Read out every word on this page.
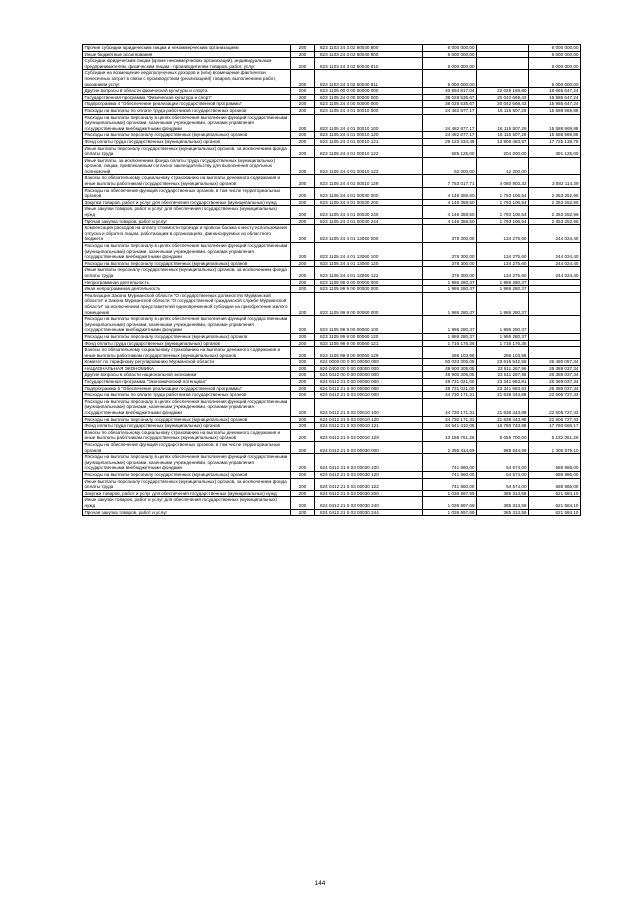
Прочие субсидии юридическим лицам и некоммерческим организациям	200	823 1103 24 3 02 60040 800	6 000 000,00		6 000 000,00
Иные бюджетные ассигнования	200	823 1103 24 3 02 60040 800	6 000 000,00		6 000 000,00
Субсидии юридическим лицам (кроме некоммерческих организаций), индивидуальным предпринимателям, физическим лицам - производителям товаров, работ, услуг	200	823 1103 24 3 02 60040 810	6 000 000,00		6 000 000,00
Субсидии на возмещение недополученных доходов и (или) возмещение фактически понесенных затрат в связи с производством (реализацией) товаров, выполнением работ, оказанием услуг	200	823 1103 24 3 02 60040 811	6 000 000,00		6 000 000,00
Другие вопросы в области физической культуры и спорта	200	823 1105 00 0 00 00000 000	40 694 817,04	22 029 169,80	18 665 647,24
Государственная программа "Физическая культура и спорт"	200	823 1105 24 0 00 00000 000	38 028 535,67	20 042 669,43	15 985 647,24
Подпрограмма 4 "Обеспечение реализации государственной программы"	200	823 1105 24 4 00 00000 000	38 028 535,67	20 042 669,43	15 985 647,24
Расходы на выплаты по оплате труда работников государственных органов	200	823 1105 24 4 01 00010 000	24 482 877,17	16 115 507,29	15 588 969,88
Расходы на выплаты персоналу в целях обеспечения выполнения функций государственными (муниципальными) органами, казенными учреждениями, органами управления государственными внебюджетными фондами	200	823 1105 24 4 01 00010 100	24 482 877,17	16 115 507,29	15 588 969,88
Расходы на выплаты персоналу государственных (муниципальных) органов	200	823 1105 24 4 01 00010 120	24 482 877,17	16 115 507,29	15 588 969,88
Фонд оплаты труда государственных (муниципальных) органов	200	823 1105 24 4 01 00010 121	29 123 334,48	13 806 483,97	17 725 138,79
Иные выплаты персоналу государственных (муниципальных) органов, за исключением фонда оплаты труда	200	823 1105 24 4 01 00010 122	585 125,00	204 000,00	381 125,00
Иные выплаты, за исключением фонда оплаты труда государственных (муниципальных) органов, лицам, привлекаемым согласно законодательству для выполнения отдельных полномочий	200	823 1105 24 4 01 00010 123	52 000,00	12 200,00	
Взносы по обязательному социальному страхованию на выплаты денежного содержания и иные выплаты работникам государственных (муниципальных) органов	200	823 1105 24 4 01 00010 129	7 753 017,71	4 080 903,32	3 582 114,39
Расходы на обеспечение функций государственных органов, в том числе территориальных органов	200	823 1105 24 4 01 00030 000	4 146 359,50	1 793 106,54	2 353 252,96
Закупка товаров, работ и услуг для обеспечения государственных (муниципальных) нужд	200	823 1105 24 4 01 00030 200	4 146 359,50	1 793 106,54	2 353 252,96
Иные закупки товаров, работ и услуг для обеспечения государственных (муниципальных) нужд	200	823 1105 24 4 01 00030 240	4 146 359,50	1 793 106,54	2 353 252,96
Прочая закупка товаров, работ и услуг	200	823 1105 24 4 01 00030 244	4 146 359,50	1 793 106,54	2 353 252,96
Компенсация расходов на оплату стоимости проезда и провоза багажа к месту использования отпуска и обратно лицам, работающим в организациях, финансируемых из областного бюджета	200	823 1105 24 4 01 13060 000	378 300,00	134 275,60	244 024,40
Расходы на выплаты персоналу в целях обеспечения выполнения функций государственными (муниципальными) органами, казенными учреждениями, органами управления государственными внебюджетными фондами	200	823 1105 24 4 01 13060 100	378 300,00	134 275,60	244 024,40
Расходы на выплаты персоналу государственных (муниципальных) органов	200	823 1105 24 4 01 13060 120	378 300,00	134 275,60	244 024,40
Иные выплаты персоналу государственных (муниципальных) органов, за исключением фонда оплаты труда	200	823 1105 24 4 01 13060 122	378 300,00	134 275,60	244 024,40
Непрограммная деятельность	200	823 1105 99 0 00 00000 000	1 986 280,37	1 986 280,37	
Иная непрограммная деятельность	200	823 1105 99 9 00 00000 000	1 986 280,37	1 986 280,37	
Реализация Закона Мурманской области "О государственных должностях Мурманской области" и Закона Мурманской области "О государственной гражданской службе Мурманской области" за исключением представителей единовременной субсидии на приобретение жилого помещения	200	823 1105 99 9 00 00060 000	1 986 280,37	1 986 280,37	
Расходы на выплаты персоналу в целях обеспечения выполнения функций государственными (муниципальными) органами, казенными учреждениями, органами управления государственными внебюджетными фондами	200	823 1105 99 9 00 00060 100	1 986 280,37	1 986 280,37	
Расходы на выплаты персоналу государственных (муниципальных) органов	200	823 1105 99 9 00 00060 120	1 986 280,37	1 986 280,37	
Фонд оплаты труда государственных (муниципальных) органов	200	823 1105 99 9 00 00060 121	1 716 176,36	1 716 176,36	
Взносы по обязательному социальному страхованию на выплаты денежного содержания и иные выплаты работникам государственных (муниципальных) органов	200	823 1105 99 9 00 00060 129	286 103,96	286 103,96	
Комитет по тарифному регулированию Мурманской области	200	824 0000 00 0 00 00000 000	50 033 305,05	23 615 542,56	26 480 057,34
НАЦИОНАЛЬНАЯ ЭКОНОМИКА	200	824 0400 00 0 00 00000 000	49 900 305,05	23 511 267,96	26 389 037,34
Другие вопросы в области национальной экономики	200	824 0412 00 0 00 00000 000	49 900 305,05	23 511 267,96	26 389 037,34
Государственная программа "Экономический потенциал"	200	824 0412 21 0 00 00000 000	49 731 021,00	23 341 983,91	26 389 037,34
Подпрограмма 5 "Обеспечение реализации государственной программы"	200	824 0412 21 5 00 00000 000	49 731 021,00	23 341 983,91	26 389 037,34
Расходы на выплаты по оплате труда работников государственных органов	200	824 0412 21 5 03 00010 000	44 730 171,31	21 638 443,88	22 505 727,43
Расходы на выплаты персоналу в целях обеспечения выполнения функций государственными (муниципальными) органами, казенными учреждениями, органами управления государственными внебюджетными фондами	200	824 0412 21 5 03 00010 100	44 730 171,31	21 638 443,88	22 505 727,43
Расходы на выплаты персоналу государственных (муниципальных) органов	200	824 0412 21 5 03 00010 120	44 730 171,31	21 638 443,88	22 505 727,43
Фонд оплаты труда государственных (муниципальных) органов	200	824 0412 21 5 03 00010 121	34 541 410,05	16 780 743,88	17 760 666,17
Взносы по обязательному социальному страхованию на выплаты денежного содержания и иные выплаты работникам государственных (муниципальных) органов	200	824 0412 21 5 03 00010 129	10 188 761,26	5 055 700,00	5 132 061,26
Расходы на обеспечение функций государственных органов, в том числе территориальных органов	200	824 0412 21 5 03 00030 000	2 395 414,69	988 644,59	1 306 579,10
Расходы на выплаты персоналу в целях обеспечения выполнения функций государственными (муниципальными) органами, казенными учреждениями, органами управления государственными внебюджетными фондами	200	824 0412 21 5 03 00030 100	741 860,00	54 574,00	686 986,00
Расходы на выплаты персоналу государственных (муниципальных) органов	200	824 0412 21 5 03 00030 120	741 860,00	54 574,00	686 986,00
Иные выплаты персоналу государственных (муниципальных) органов, за исключением фонда оплаты труда	200	824 0412 21 5 03 00030 122	741 860,00	54 574,00	686 986,00
Закупка товаров, работ и услуг для обеспечения государственных (муниципальных) нужд	200	824 0412 21 5 03 00030 200	1 036 697,69	385 313,59	621 584,10
Иные закупки товаров, работ и услуг для обеспечения государственных (муниципальных) нужд	200	824 0412 21 5 03 00030 240	1 036 697,69	385 313,59	621 584,10
Прочая закупка товаров, работ и услуг	200	824 0412 21 5 03 00030 244	1 036 697,69	385 313,59	621 584,10
144
